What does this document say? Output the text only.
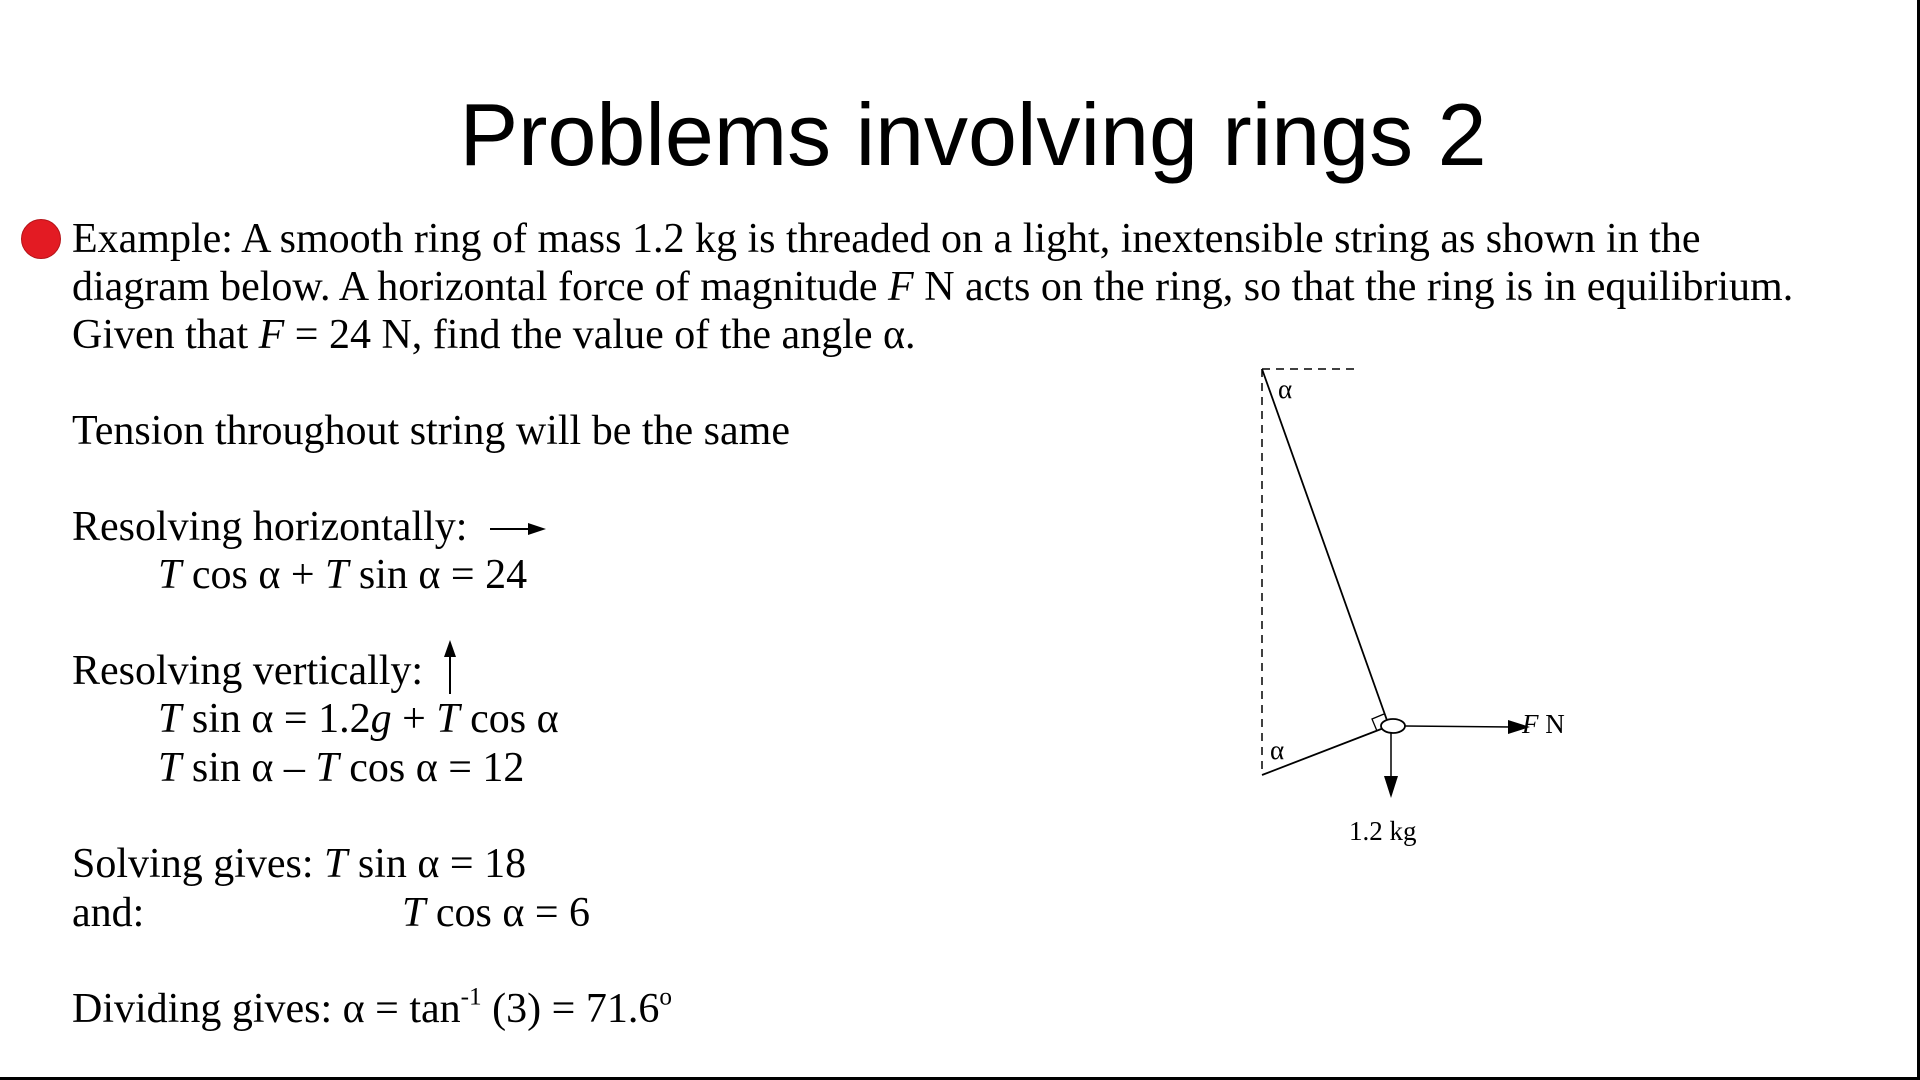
Problems involving rings 2
Example: A smooth ring of mass 1.2 kg is threaded on a light, inextensible string as shown in the
diagram below. A horizontal force of magnitude F N acts on the ring, so that the ring is in equilibrium.
Given that F = 24 N, find the value of the angle α.
Tension throughout string will be the same
Resolving horizontally:
T cos α + T sin α = 24
Resolving vertically:
T sin α = 1.2g + T cos α
T sin α – T cos α = 12
Solving gives: T sin α = 18
and:	T cos α = 6
Dividing gives: $\alpha = \tan^{-1} (3) = 71.6^o$
α
α
F N
1.2 kg
